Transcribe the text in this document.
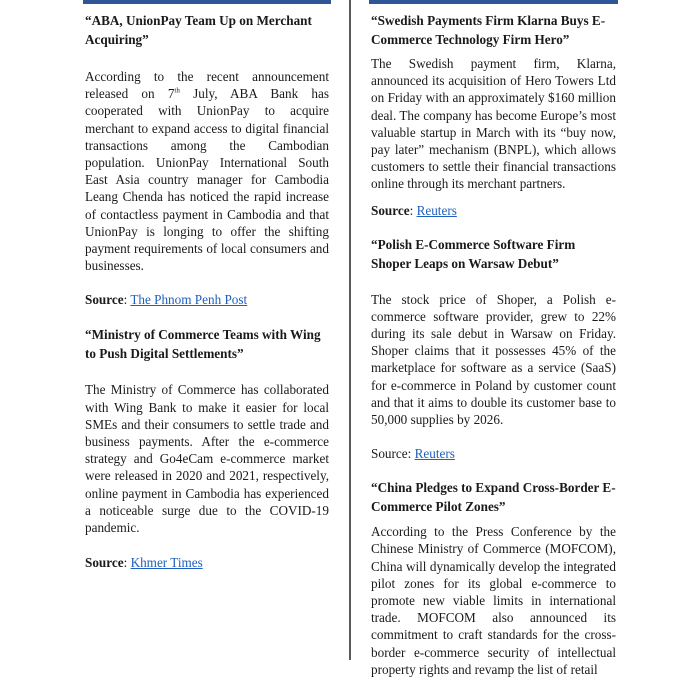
“ABA, UnionPay Team Up on Merchant Acquiring”

According to the recent announcement released on 7th July, ABA Bank has cooperated with UnionPay to acquire merchant to expand access to digital financial transactions among the Cambodian population. UnionPay International South East Asia country manager for Cambodia Leang Chenda has noticed the rapid increase of contactless payment in Cambodia and that UnionPay is longing to offer the shifting payment requirements of local consumers and businesses.

Source: The Phnom Penh Post

“Ministry of Commerce Teams with Wing to Push Digital Settlements”

The Ministry of Commerce has collaborated with Wing Bank to make it easier for local SMEs and their consumers to settle trade and business payments. After the e-commerce strategy and Go4eCam e-commerce market were released in 2020 and 2021, respectively, online payment in Cambodia has experienced a noticeable surge due to the COVID-19 pandemic.

Source: Khmer Times

“Swedish Payments Firm Klarna Buys E-Commerce Technology Firm Hero”

The Swedish payment firm, Klarna, announced its acquisition of Hero Towers Ltd on Friday with an approximately $160 million deal. The company has become Europe’s most valuable startup in March with its “buy now, pay later” mechanism (BNPL), which allows customers to settle their financial transactions online through its merchant partners.

Source: Reuters

“Polish E-Commerce Software Firm Shoper Leaps on Warsaw Debut”

The stock price of Shoper, a Polish e-commerce software provider, grew to 22% during its sale debut in Warsaw on Friday. Shoper claims that it possesses 45% of the marketplace for software as a service (SaaS) for e-commerce in Poland by customer count and that it aims to double its customer base to 50,000 supplies by 2026.

Source: Reuters

“China Pledges to Expand Cross-Border E-Commerce Pilot Zones”

According to the Press Conference by the Chinese Ministry of Commerce (MOFCOM), China will dynamically develop the integrated pilot zones for its global e-commerce to promote new viable limits in international trade. MOFCOM also announced its commitment to craft standards for the cross-border e-commerce security of intellectual property rights and revamp the list of retail
